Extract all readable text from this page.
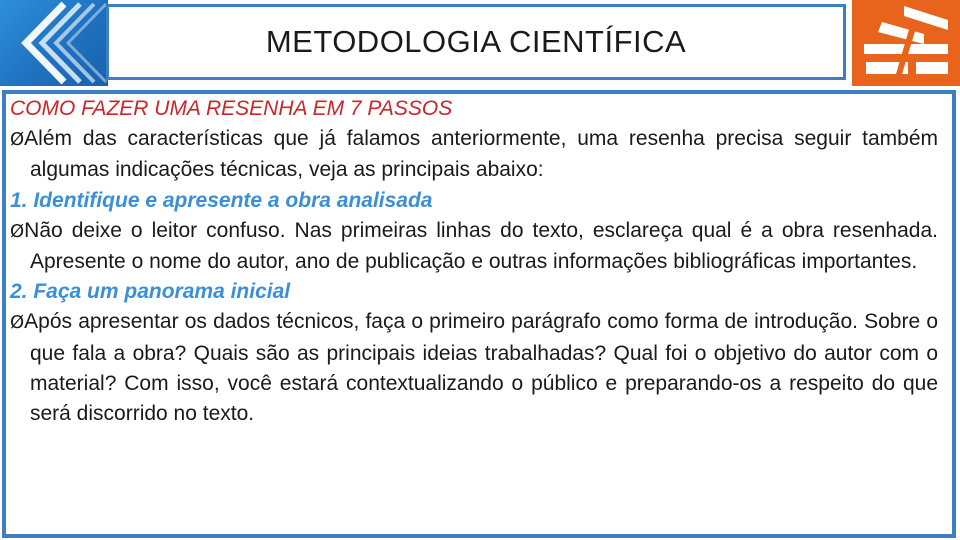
METODOLOGIA CIENTÍFICA

COMO FAZER UMA RESENHA EM 7 PASSOS

ØAlém das características que já falamos anteriormente, uma resenha precisa seguir também algumas indicações técnicas, veja as principais abaixo:

1. Identifique e apresente a obra analisada

ØNão deixe o leitor confuso. Nas primeiras linhas do texto, esclareça qual é a obra resenhada. Apresente o nome do autor, ano de publicação e outras informações bibliográficas importantes.

2. Faça um panorama inicial

ØApós apresentar os dados técnicos, faça o primeiro parágrafo como forma de introdução. Sobre o que fala a obra? Quais são as principais ideias trabalhadas? Qual foi o objetivo do autor com o material? Com isso, você estará contextualizando o público e preparando-os a respeito do que será discorrido no texto.
